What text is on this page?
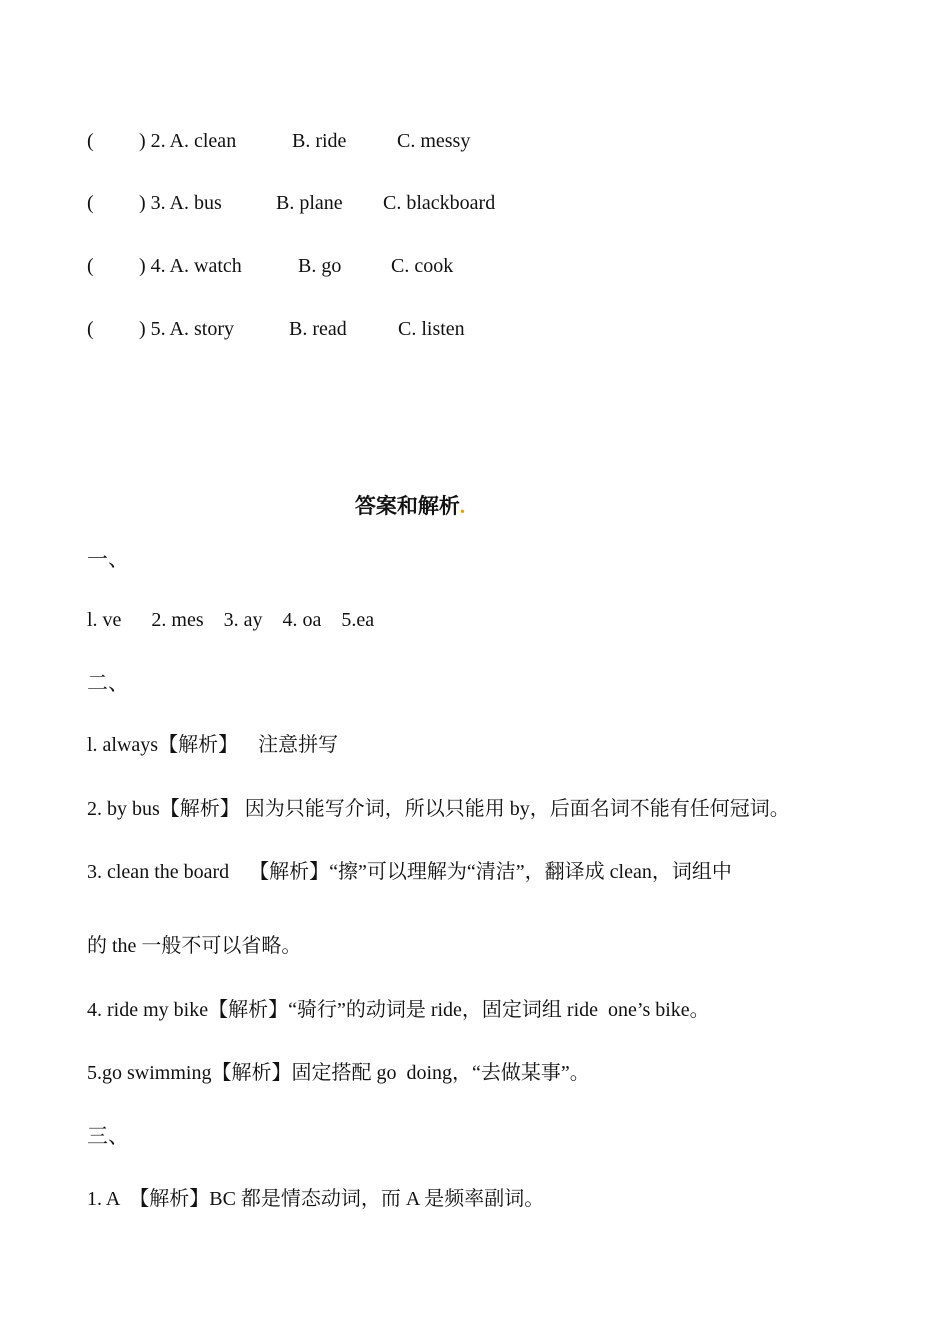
(	) 2. A. clean	B. ride	C. messy
(	) 3. A. bus	B. plane	C. blackboard
(	) 4. A. watch	B. go	C. cook
(	) 5. A. story	B. read	C. listen
答案和解析.
一、
l. ve      2. mes    3. ay    4. oa    5.ea
二、
l. always【解析】    注意拼写
2. by bus【解析】 因为只能写介词，所以只能用 by，后面名词不能有任何冠词。
3. clean the board    【解析】“擦”可以理解为“清洁”，翻译成 clean，词组中
的 the 一般不可以省略。
4. ride my bike【解析】“骑行”的动词是 ride，固定词组 ride  one’s bike。
5.go swimming【解析】固定搭配 go  doing，“去做某事”。
三、
1. A  【解析】BC 都是情态动词，而 A 是频率副词。
